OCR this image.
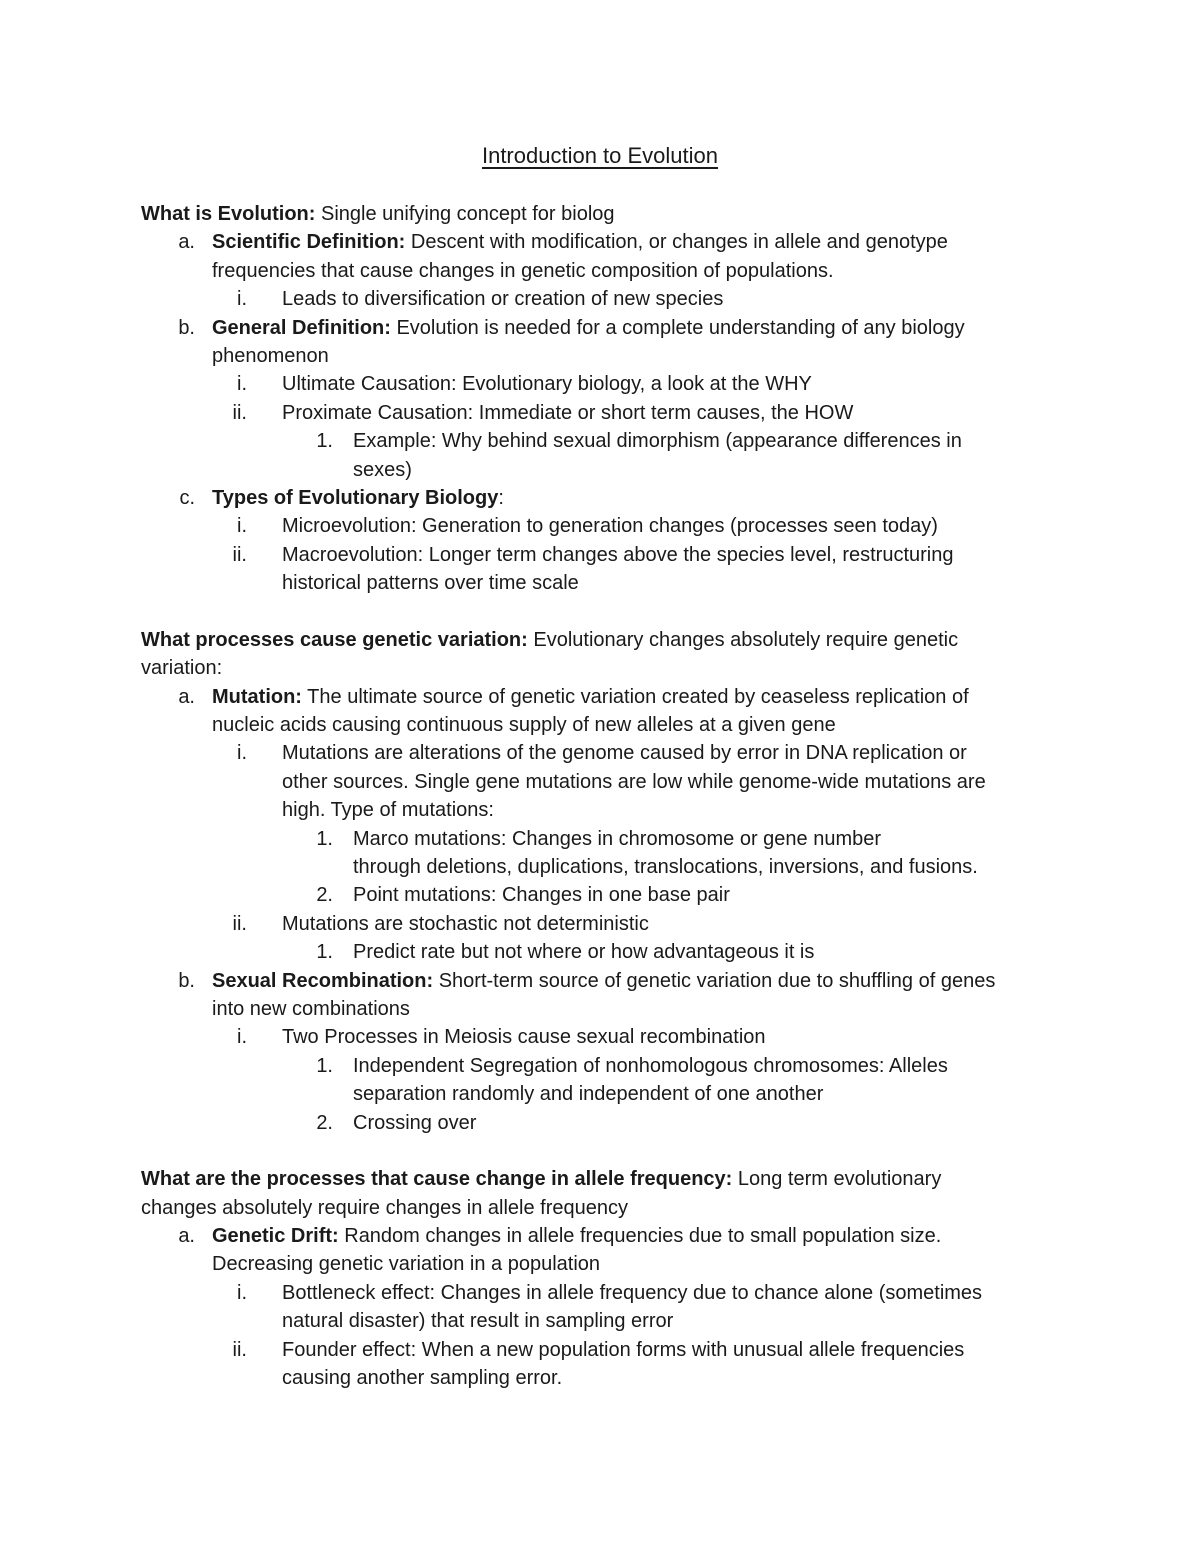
Introduction to Evolution
What is Evolution: Single unifying concept for biolog
a. Scientific Definition: Descent with modification, or changes in allele and genotype
frequencies that cause changes in genetic composition of populations.
i. Leads to diversification or creation of new species
b. General Definition: Evolution is needed for a complete understanding of any biology
phenomenon
i. Ultimate Causation: Evolutionary biology, a look at the WHY
ii. Proximate Causation: Immediate or short term causes, the HOW
1. Example: Why behind sexual dimorphism (appearance differences in
sexes)
c. Types of Evolutionary Biology:
i. Microevolution: Generation to generation changes (processes seen today)
ii. Macroevolution: Longer term changes above the species level, restructuring
historical patterns over time scale
What processes cause genetic variation: Evolutionary changes absolutely require genetic
variation:
a. Mutation: The ultimate source of genetic variation created by ceaseless replication of
nucleic acids causing continuous supply of new alleles at a given gene
i. Mutations are alterations of the genome caused by error in DNA replication or
other sources. Single gene mutations are low while genome-wide mutations are
high. Type of mutations:
1. Marco mutations: Changes in chromosome or gene number
through deletions, duplications, translocations, inversions, and fusions.
2. Point mutations: Changes in one base pair
ii. Mutations are stochastic not deterministic
1. Predict rate but not where or how advantageous it is
b. Sexual Recombination: Short-term source of genetic variation due to shuffling of genes
into new combinations
i. Two Processes in Meiosis cause sexual recombination
1. Independent Segregation of nonhomologous chromosomes: Alleles
separation randomly and independent of one another
2. Crossing over
What are the processes that cause change in allele frequency: Long term evolutionary
changes absolutely require changes in allele frequency
a. Genetic Drift: Random changes in allele frequencies due to small population size.
Decreasing genetic variation in a population
i. Bottleneck effect: Changes in allele frequency due to chance alone (sometimes
natural disaster) that result in sampling error
ii. Founder effect: When a new population forms with unusual allele frequencies
causing another sampling error.
